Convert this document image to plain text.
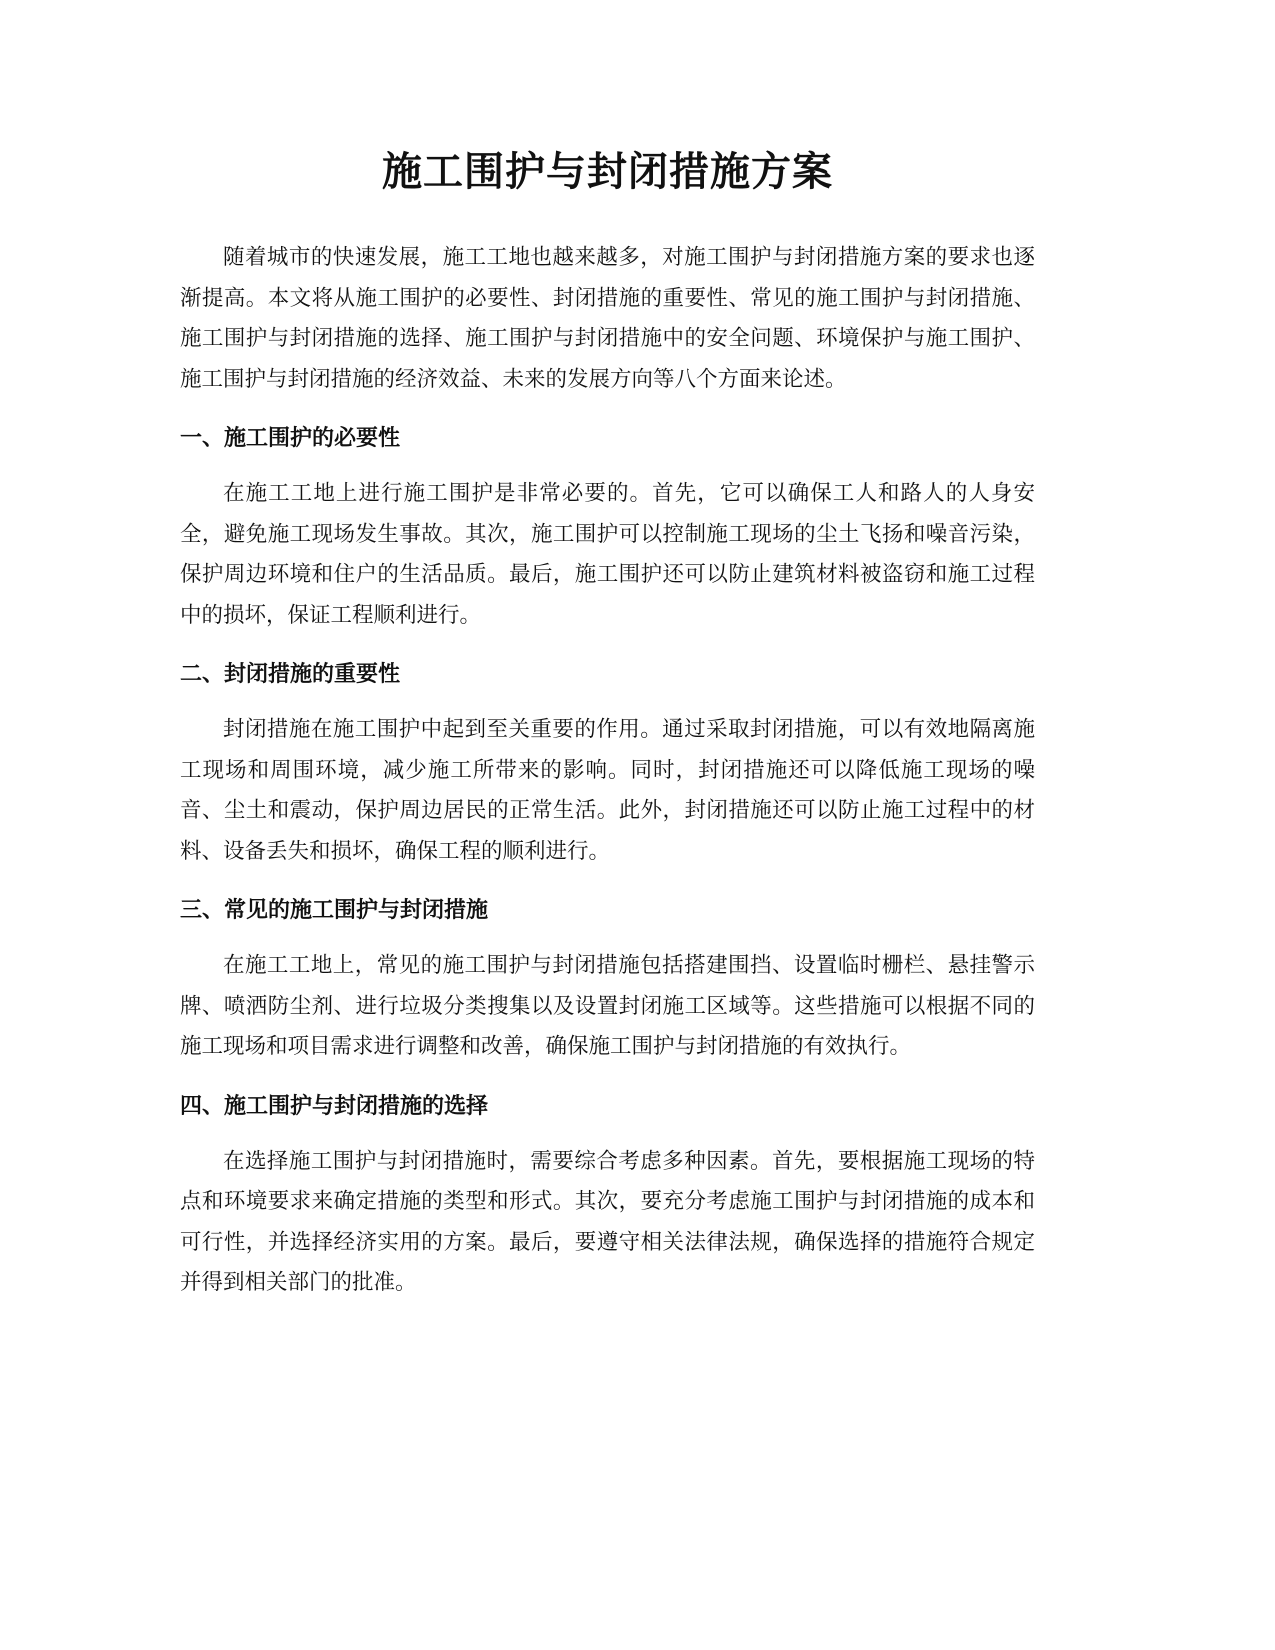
施工围护与封闭措施方案

随着城市的快速发展，施工工地也越来越多，对施工围护与封闭措施方案的要求也逐渐提高。本文将从施工围护的必要性、封闭措施的重要性、常见的施工围护与封闭措施、施工围护与封闭措施的选择、施工围护与封闭措施中的安全问题、环境保护与施工围护、施工围护与封闭措施的经济效益、未来的发展方向等八个方面来论述。

一、施工围护的必要性

在施工工地上进行施工围护是非常必要的。首先，它可以确保工人和路人的人身安全，避免施工现场发生事故。其次，施工围护可以控制施工现场的尘土飞扬和噪音污染，保护周边环境和住户的生活品质。最后，施工围护还可以防止建筑材料被盗窃和施工过程中的损坏，保证工程顺利进行。

二、封闭措施的重要性

封闭措施在施工围护中起到至关重要的作用。通过采取封闭措施，可以有效地隔离施工现场和周围环境，减少施工所带来的影响。同时，封闭措施还可以降低施工现场的噪音、尘土和震动，保护周边居民的正常生活。此外，封闭措施还可以防止施工过程中的材料、设备丢失和损坏，确保工程的顺利进行。

三、常见的施工围护与封闭措施

在施工工地上，常见的施工围护与封闭措施包括搭建围挡、设置临时栅栏、悬挂警示牌、喷洒防尘剂、进行垃圾分类搜集以及设置封闭施工区域等。这些措施可以根据不同的施工现场和项目需求进行调整和改善，确保施工围护与封闭措施的有效执行。

四、施工围护与封闭措施的选择

在选择施工围护与封闭措施时，需要综合考虑多种因素。首先，要根据施工现场的特点和环境要求来确定措施的类型和形式。其次，要充分考虑施工围护与封闭措施的成本和可行性，并选择经济实用的方案。最后，要遵守相关法律法规，确保选择的措施符合规定并得到相关部门的批准。
